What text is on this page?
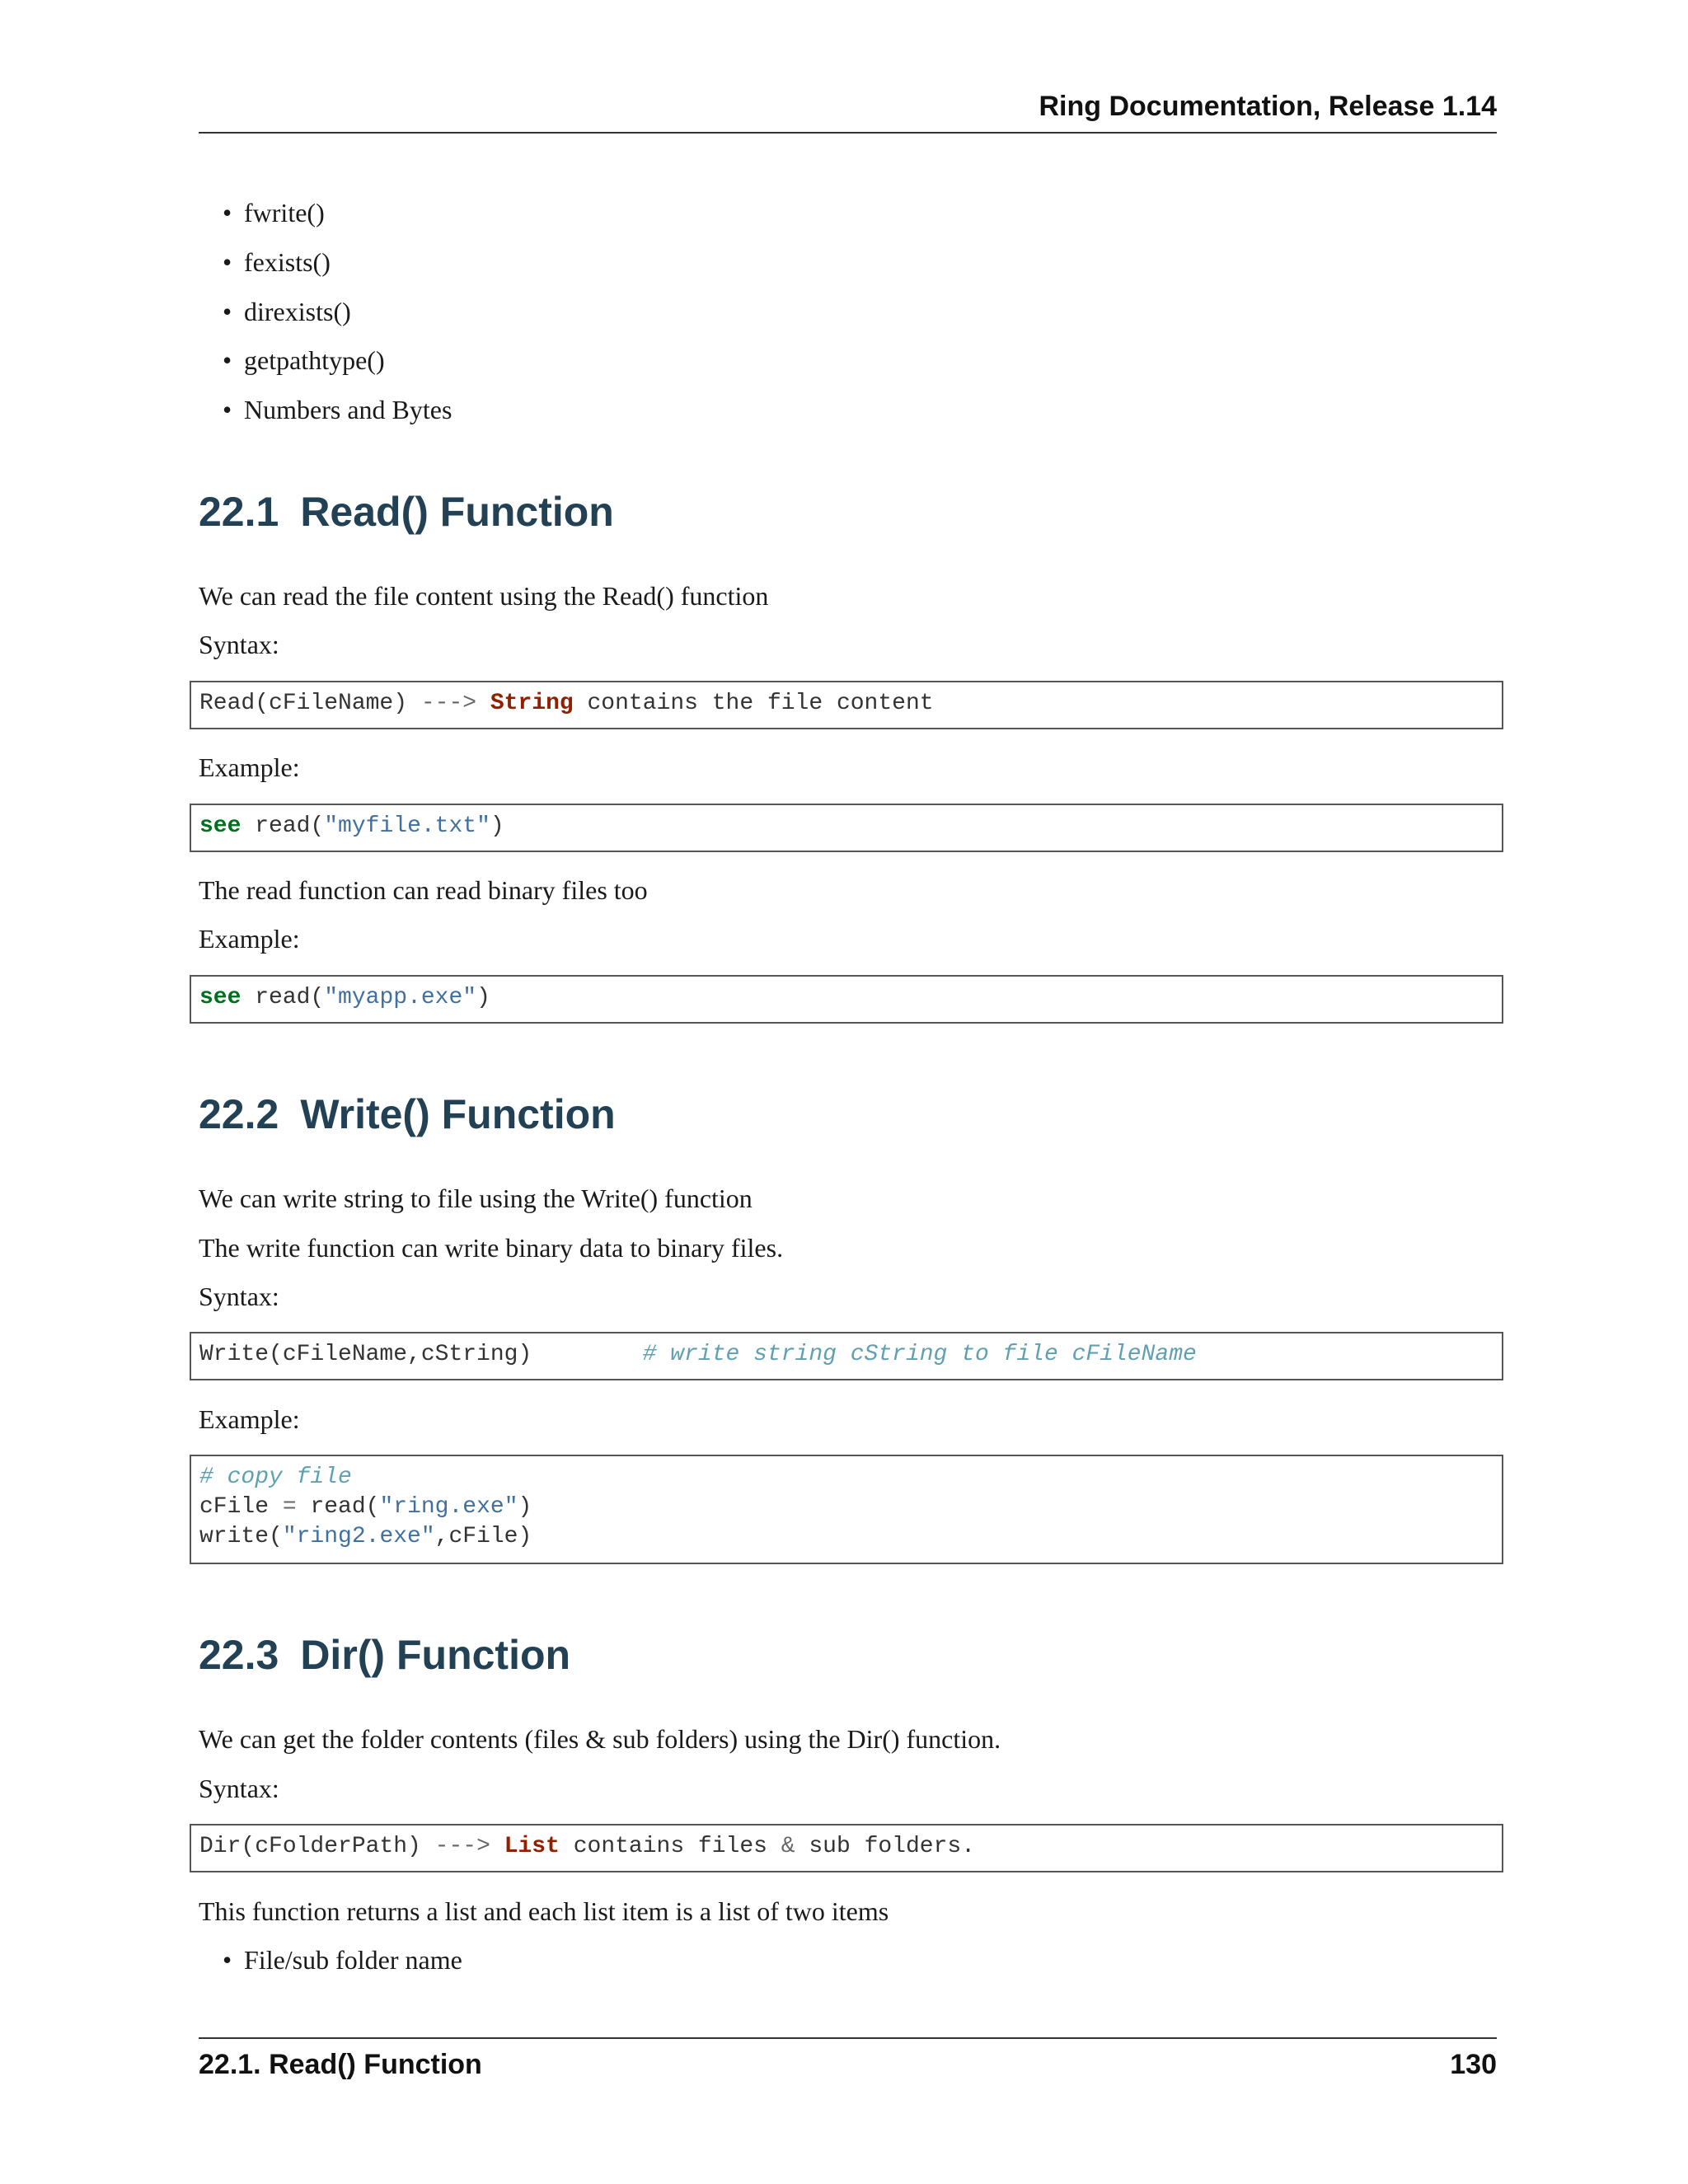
Ring Documentation, Release 1.14
• fwrite()
• fexists()
• direxists()
• getpathtype()
• Numbers and Bytes
22.1 Read() Function
We can read the file content using the Read() function
Syntax:
Read(cFileName) ---> String contains the file content
Example:
see read("myfile.txt")
The read function can read binary files too
Example:
see read("myapp.exe")
22.2 Write() Function
We can write string to file using the Write() function
The write function can write binary data to binary files.
Syntax:
Write(cFileName,cString)	# write string cString to file cFileName
Example:
# copy file
cFile = read("ring.exe")
write("ring2.exe",cFile)
22.3 Dir() Function
We can get the folder contents (files & sub folders) using the Dir() function.
Syntax:
Dir(cFolderPath) ---> List contains files & sub folders.
This function returns a list and each list item is a list of two items
• File/sub folder name
22.1. Read() Function	130
